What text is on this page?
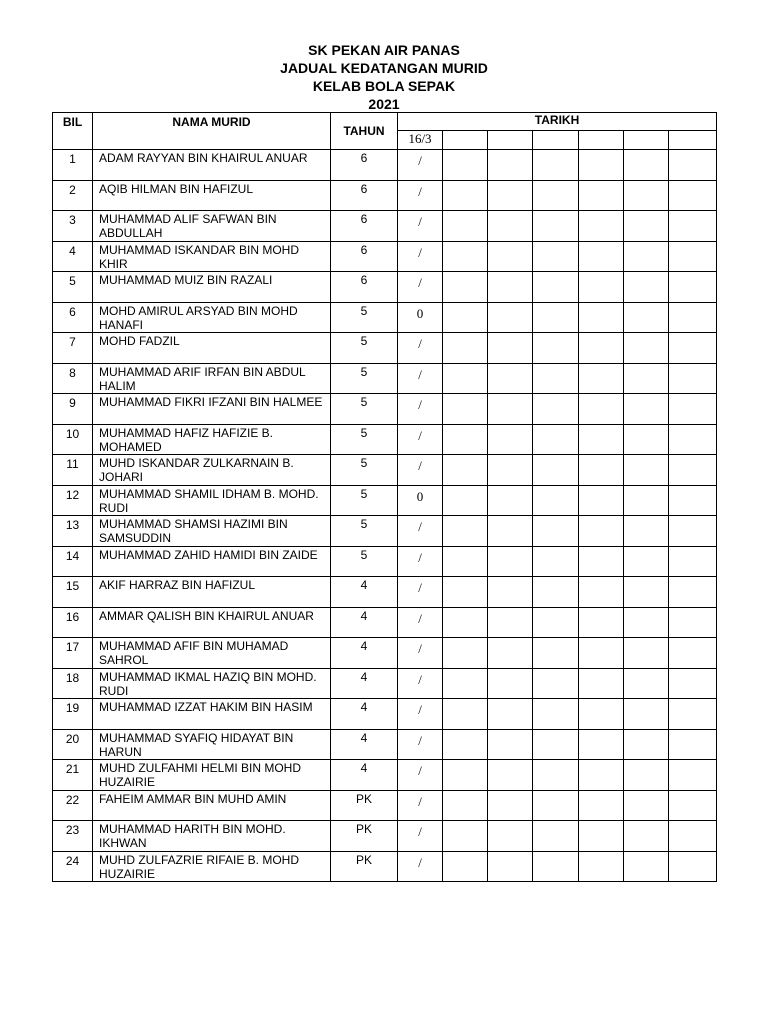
SK PEKAN AIR PANAS
JADUAL KEDATANGAN MURID
KELAB BOLA SEPAK
2021
BIL	NAMA MURID	TAHUN	TARIKH						
			16/3						
1	ADAM RAYYAN BIN KHAIRUL ANUAR	6	/						
2	AQIB HILMAN BIN HAFIZUL	6	/						
3	MUHAMMAD ALIF SAFWAN BIN ABDULLAH	6	/						
4	MUHAMMAD ISKANDAR BIN MOHD KHIR	6	/						
5	MUHAMMAD MUIZ BIN RAZALI	6	/						
6	MOHD AMIRUL ARSYAD BIN MOHD HANAFI	5	0						
7	MOHD FADZIL	5	/						
8	MUHAMMAD ARIF IRFAN BIN ABDUL HALIM	5	/						
9	MUHAMMAD FIKRI IFZANI BIN HALMEE	5	/						
10	MUHAMMAD HAFIZ HAFIZIE B. MOHAMED	5	/						
11	MUHD ISKANDAR ZULKARNAIN B. JOHARI	5	/						
12	MUHAMMAD SHAMIL IDHAM B. MOHD. RUDI	5	0						
13	MUHAMMAD SHAMSI HAZIMI BIN SAMSUDDIN	5	/						
14	MUHAMMAD ZAHID HAMIDI BIN ZAIDE	5	/						
15	AKIF HARRAZ BIN HAFIZUL	4	/						
16	AMMAR QALISH BIN KHAIRUL ANUAR	4	/						
17	MUHAMMAD AFIF BIN MUHAMAD SAHROL	4	/						
18	MUHAMMAD IKMAL HAZIQ BIN MOHD. RUDI	4	/						
19	MUHAMMAD IZZAT HAKIM BIN HASIM	4	/						
20	MUHAMMAD SYAFIQ HIDAYAT BIN HARUN	4	/						
21	MUHD ZULFAHMI HELMI BIN MOHD HUZAIRIE	4	/						
22	FAHEIM AMMAR BIN MUHD AMIN	PK	/						
23	MUHAMMAD HARITH BIN MOHD. IKHWAN	PK	/						
24	MUHD ZULFAZRIE RIFAIE B. MOHD HUZAIRIE	PK	/						
